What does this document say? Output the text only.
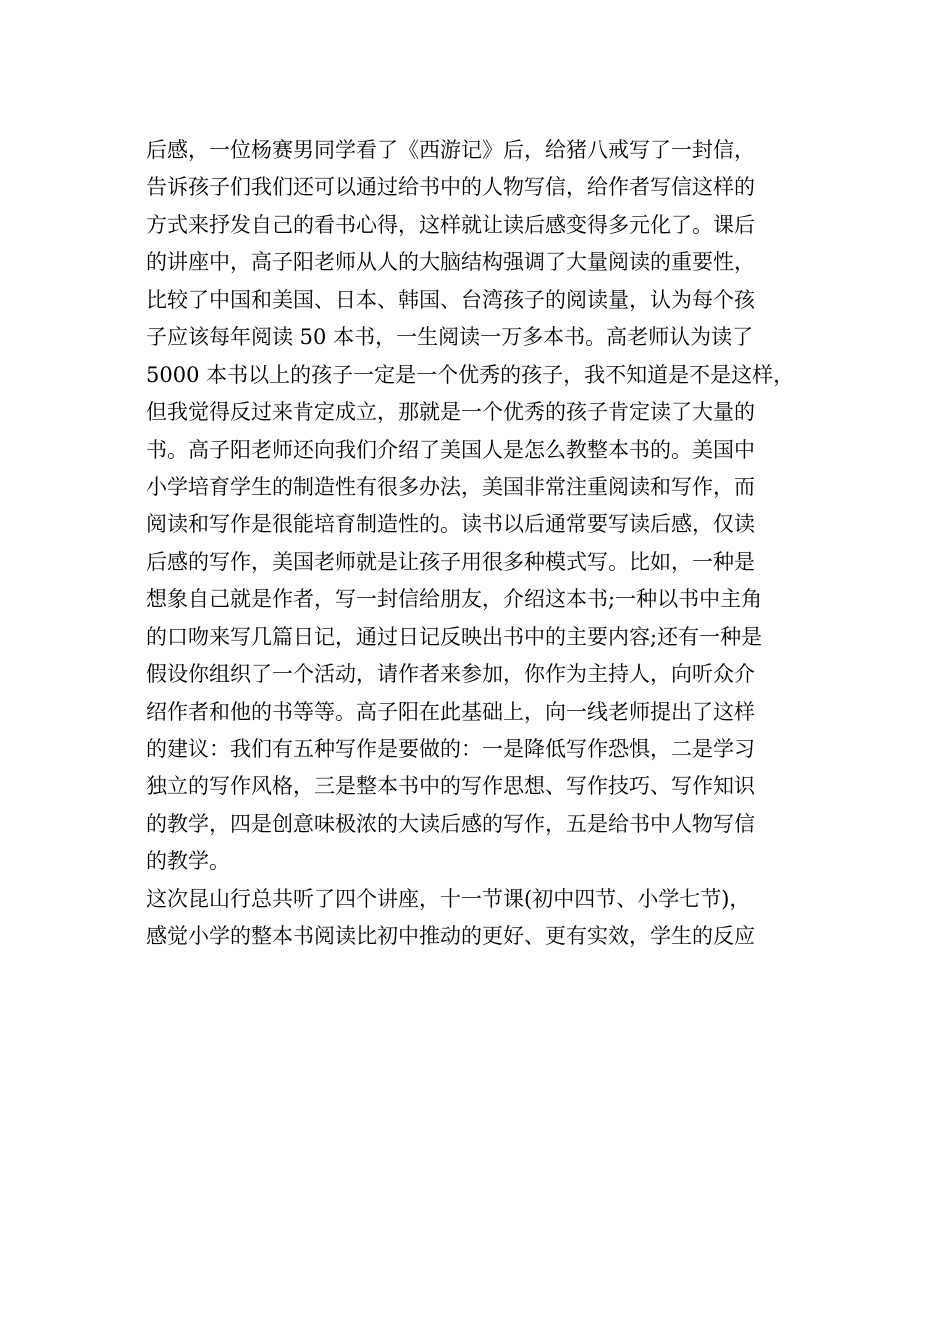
后感，一位杨赛男同学看了《西游记》后，给猪八戒写了一封信，
告诉孩子们我们还可以通过给书中的人物写信，给作者写信这样的
方式来抒发自己的看书心得，这样就让读后感变得多元化了。课后
的讲座中，高子阳老师从人的大脑结构强调了大量阅读的重要性，
比较了中国和美国、日本、韩国、台湾孩子的阅读量，认为每个孩
子应该每年阅读 50 本书，一生阅读一万多本书。高老师认为读了
5000 本书以上的孩子一定是一个优秀的孩子，我不知道是不是这样，
但我觉得反过来肯定成立，那就是一个优秀的孩子肯定读了大量的
书。高子阳老师还向我们介绍了美国人是怎么教整本书的。美国中
小学培育学生的制造性有很多办法，美国非常注重阅读和写作，而
阅读和写作是很能培育制造性的。读书以后通常要写读后感，仅读
后感的写作，美国老师就是让孩子用很多种模式写。比如，一种是
想象自己就是作者，写一封信给朋友，介绍这本书;一种以书中主角
的口吻来写几篇日记，通过日记反映出书中的主要内容;还有一种是
假设你组织了一个活动，请作者来参加，你作为主持人，向听众介
绍作者和他的书等等。高子阳在此基础上，向一线老师提出了这样
的建议：我们有五种写作是要做的：一是降低写作恐惧，二是学习
独立的写作风格，三是整本书中的写作思想、写作技巧、写作知识
的教学，四是创意味极浓的大读后感的写作，五是给书中人物写信
的教学。
这次昆山行总共听了四个讲座，十一节课(初中四节、小学七节)，
感觉小学的整本书阅读比初中推动的更好、更有实效，学生的反应
